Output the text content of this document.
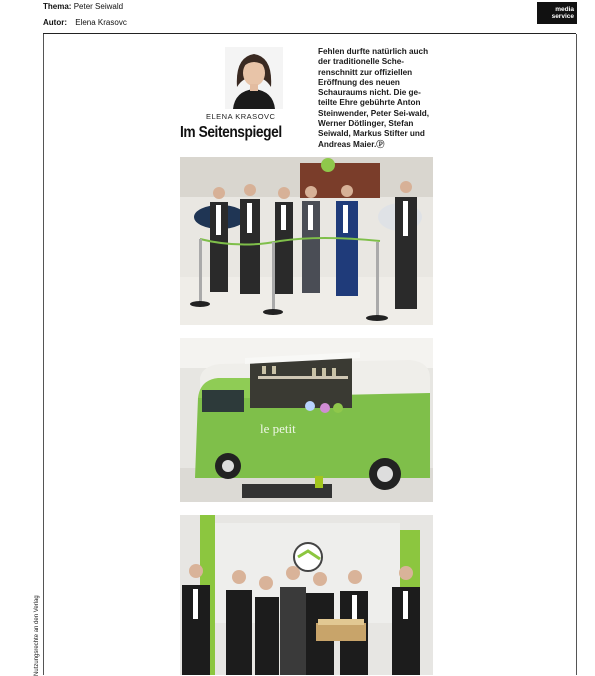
Thema: Peter Seiwald
Autor: Elena Krasovc
media
service
Nutzungsrechte an den Verlag
ELENA KRASOVC
Im Seitenspiegel
Fehlen durfte natürlich auch der traditionelle Sche-renschnitt zur offiziellen Eröffnung des neuen Schauraums nicht. Die ge-teilte Ehre gebührte Anton Steinwender, Peter Sei-wald, Werner Dötlinger, Stefan Seiwald, Markus Stifter und Andreas Maier.Ⓟ
le petit
